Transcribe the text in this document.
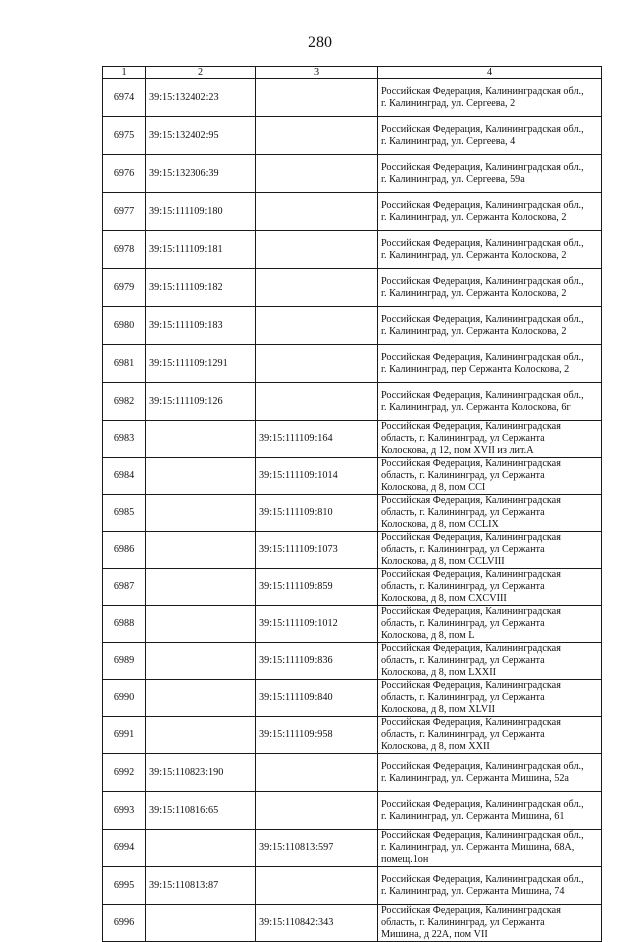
280
1	2	3	4
6974	39:15:132402:23		Российская Федерация, Калининградская обл.,
г. Калининград, ул. Сергеева, 2

6975	39:15:132402:95		Российская Федерация, Калининградская обл.,
г. Калининград, ул. Сергеева, 4

6976	39:15:132306:39		Российская Федерация, Калининградская обл.,
г. Калининград, ул. Сергеева, 59а

6977	39:15:111109:180		Российская Федерация, Калининградская обл.,
г. Калининград, ул. Сержанта Колоскова, 2

6978	39:15:111109:181		Российская Федерация, Калининградская обл.,
г. Калининград, ул. Сержанта Колоскова, 2

6979	39:15:111109:182		Российская Федерация, Калининградская обл.,
г. Калининград, ул. Сержанта Колоскова, 2

6980	39:15:111109:183		Российская Федерация, Калининградская обл.,
г. Калининград, ул. Сержанта Колоскова, 2

6981	39:15:111109:1291		Российская Федерация, Калининградская обл.,
г. Калининград, пер Сержанта Колоскова, 2

6982	39:15:111109:126		Российская Федерация, Калининградская обл.,
г. Калининград, ул. Сержанта Колоскова, 6г

6983		39:15:111109:164	Российская Федерация, Калининградская
область, г. Калининград, ул Сержанта
Колоскова, д 12, пом XVII из лит.А

6984		39:15:111109:1014	Российская Федерация, Калининградская
область, г. Калининград, ул Сержанта
Колоскова, д 8, пом CCI

6985		39:15:111109:810	Российская Федерация, Калининградская
область, г. Калининград, ул Сержанта
Колоскова, д 8, пом CCLIX

6986		39:15:111109:1073	Российская Федерация, Калининградская
область, г. Калининград, ул Сержанта
Колоскова, д 8, пом CCLVIII

6987		39:15:111109:859	Российская Федерация, Калининградская
область, г. Калининград, ул Сержанта
Колоскова, д 8, пом CXCVIII

6988		39:15:111109:1012	Российская Федерация, Калининградская
область, г. Калининград, ул Сержанта
Колоскова, д 8, пом L

6989		39:15:111109:836	Российская Федерация, Калининградская
область, г. Калининград, ул Сержанта
Колоскова, д 8, пом LXXII

6990		39:15:111109:840	Российская Федерация, Калининградская
область, г. Калининград, ул Сержанта
Колоскова, д 8, пом XLVII

6991		39:15:111109:958	Российская Федерация, Калининградская
область, г. Калининград, ул Сержанта
Колоскова, д 8, пом XXII

6992	39:15:110823:190		Российская Федерация, Калининградская обл.,
г. Калининград, ул. Сержанта Мишина, 52а

6993	39:15:110816:65		Российская Федерация, Калининградская обл.,
г. Калининград, ул. Сержанта Мишина, 61

6994		39:15:110813:597	Российская Федерация, Калининградская обл.,
г. Калининград, ул. Сержанта Мишина, 68А,
помещ.1он

6995	39:15:110813:87		Российская Федерация, Калининградская обл.,
г. Калининград, ул. Сержанта Мишина, 74

6996		39:15:110842:343	Российская Федерация, Калининградская
область, г. Калининград, ул Сержанта
Мишина, д 22А, пом VII
